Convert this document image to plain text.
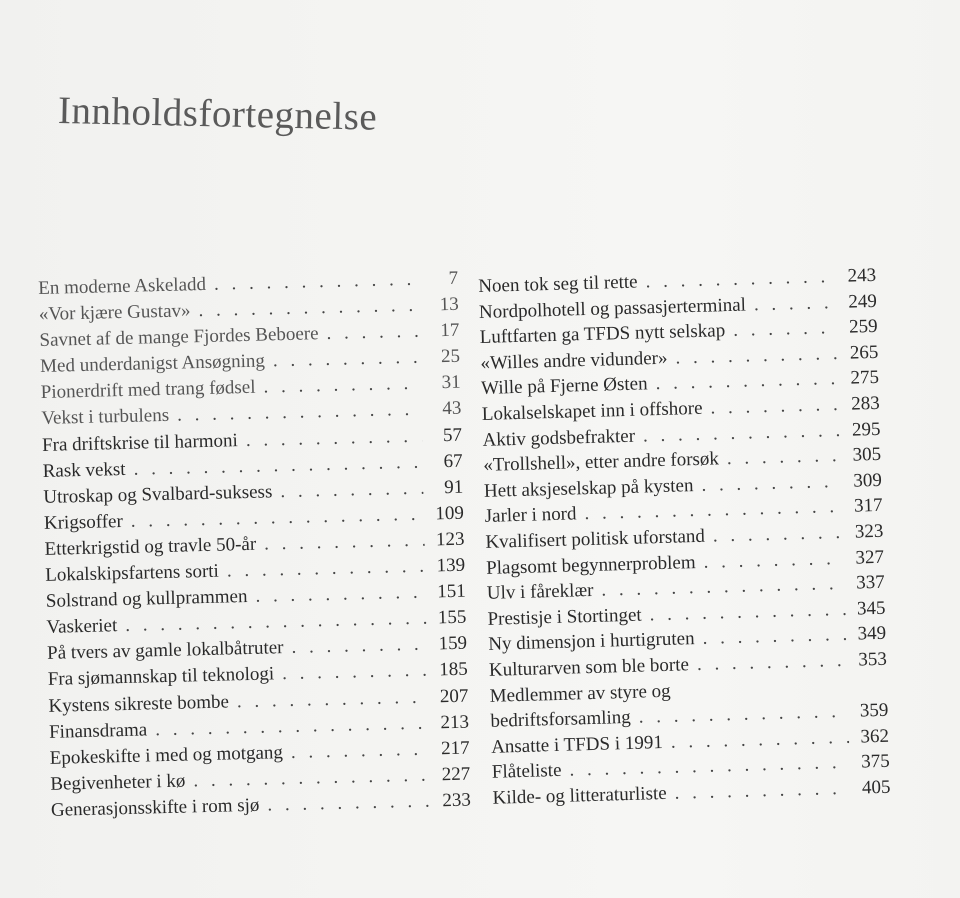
Innholdsfortegnelse
En moderne Askeladd . . .	7
«Vor kjære Gustav» . . .	13
Savnet af de mange Fjordes Beboere . . .	17
Med underdanigst Ansøgning . . .	25
Pionerdrift med trang fødsel . . .	31
Vekst i turbulens . . .	43
Fra driftskrise til harmoni . . .	57
Rask vekst . . .	67
Utroskap og Svalbard-suksess . . .	91
Krigsoffer . . .	109
Etterkrigstid og travle 50-år . . .	123
Lokalskipsfartens sorti . . .	139
Solstrand og kullprammen . . .	151
Vaskeriet . . .	155
På tvers av gamle lokalbåtruter . . .	159
Fra sjømannskap til teknologi . . .	185
Kystens sikreste bombe . . .	207
Finansdrama . . .	213
Epokeskifte i med og motgang . . .	217
Begivenheter i kø . . .	227
Generasjonsskifte i rom sjø . . .	233
Noen tok seg til rette . . .	243
Nordpolhotell og passasjerterminal . . .	249
Luftfarten ga TFDS nytt selskap . . .	259
«Willes andre vidunder» . . .	265
Wille på Fjerne Østen . . .	275
Lokalselskapet inn i offshore . . .	283
Aktiv godsbefrakter . . .	295
«Trollshell», etter andre forsøk . . .	305
Hett aksjeselskap på kysten . . .	309
Jarler i nord . . .	317
Kvalifisert politisk uforstand . . .	323
Plagsomt begynnerproblem . . .	327
Ulv i fåreklær . . .	337
Prestisje i Stortinget . . .	345
Ny dimensjon i hurtigruten . . .	349
Kulturarven som ble borte . . .	353
Medlemmer av styre og
bedriftsforsamling . . .	359
Ansatte i TFDS i 1991 . . .	362
Flåteliste . . .	375
Kilde- og litteraturliste . . .	405
